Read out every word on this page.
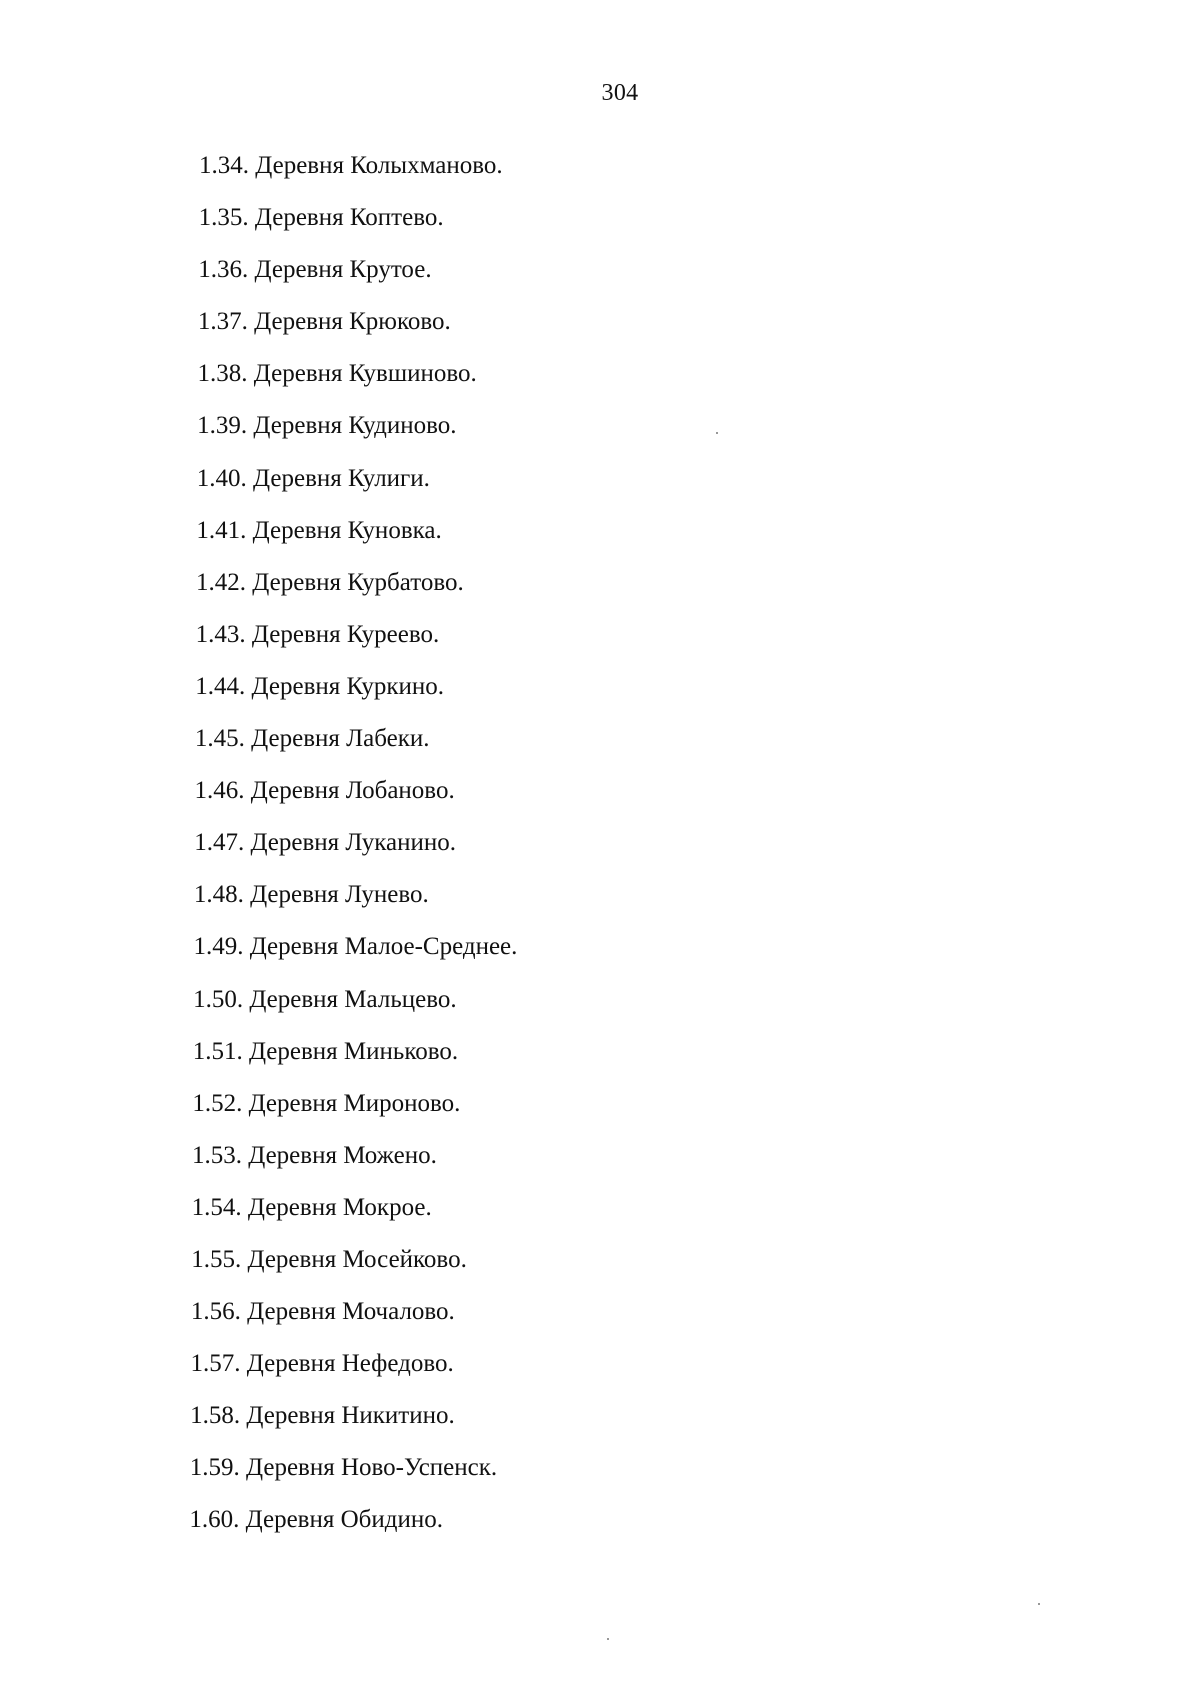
304
1.34. Деревня Колыхманово.
1.35. Деревня Коптево.
1.36. Деревня Крутое.
1.37. Деревня Крюково.
1.38. Деревня Кувшиново.
1.39. Деревня Кудиново.
1.40. Деревня Кулиги.
1.41. Деревня Куновка.
1.42. Деревня Курбатово.
1.43. Деревня Куреево.
1.44. Деревня Куркино.
1.45. Деревня Лабеки.
1.46. Деревня Лобаново.
1.47. Деревня Луканино.
1.48. Деревня Лунево.
1.49. Деревня Малое-Среднее.
1.50. Деревня Мальцево.
1.51. Деревня Миньково.
1.52. Деревня Мироново.
1.53. Деревня Можено.
1.54. Деревня Мокрое.
1.55. Деревня Мосейково.
1.56. Деревня Мочалово.
1.57. Деревня Нефедово.
1.58. Деревня Никитино.
1.59. Деревня Ново-Успенск.
1.60. Деревня Обидино.
